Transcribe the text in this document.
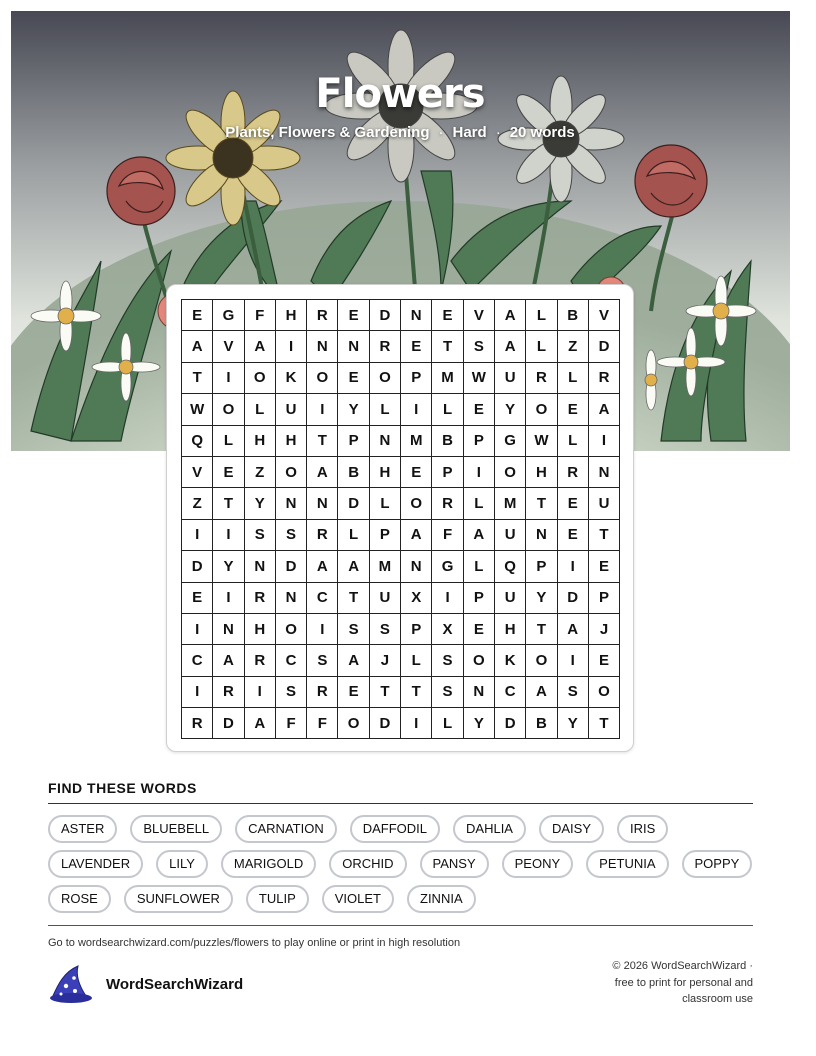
Flowers
Plants, Flowers & Gardening · Hard · 20 words
E	G	F	H	R	E	D	N	E	V	A	L	B	V
A	V	A	I	N	N	R	E	T	S	A	L	Z	D
T	I	O	K	O	E	O	P	M	W	U	R	L	R
W	O	L	U	I	Y	L	I	L	E	Y	O	E	A
Q	L	H	H	T	P	N	M	B	P	G	W	L	I
V	E	Z	O	A	B	H	E	P	I	O	H	R	N
Z	T	Y	N	N	D	L	O	R	L	M	T	E	U
I	I	S	S	R	L	P	A	F	A	U	N	E	T
D	Y	N	D	A	A	M	N	G	L	Q	P	I	E
E	I	R	N	C	T	U	X	I	P	U	Y	D	P
I	N	H	O	I	S	S	P	X	E	H	T	A	J
C	A	R	C	S	A	J	L	S	O	K	O	I	E
I	R	I	S	R	E	T	T	S	N	C	A	S	O
R	D	A	F	F	O	D	I	L	Y	D	B	Y	T
FIND THESE WORDS
ASTER	BLUEBELL	CARNATION	DAFFODIL	DAHLIA	DAISY	IRIS
LAVENDER	LILY	MARIGOLD	ORCHID	PANSY	PEONY	PETUNIA	POPPY
ROSE	SUNFLOWER	TULIP	VIOLET	ZINNIA
Go to wordsearchwizard.com/puzzles/flowers to play online or print in high resolution
WordSearchWizard
© 2026 WordSearchWizard · free to print for personal and classroom use
